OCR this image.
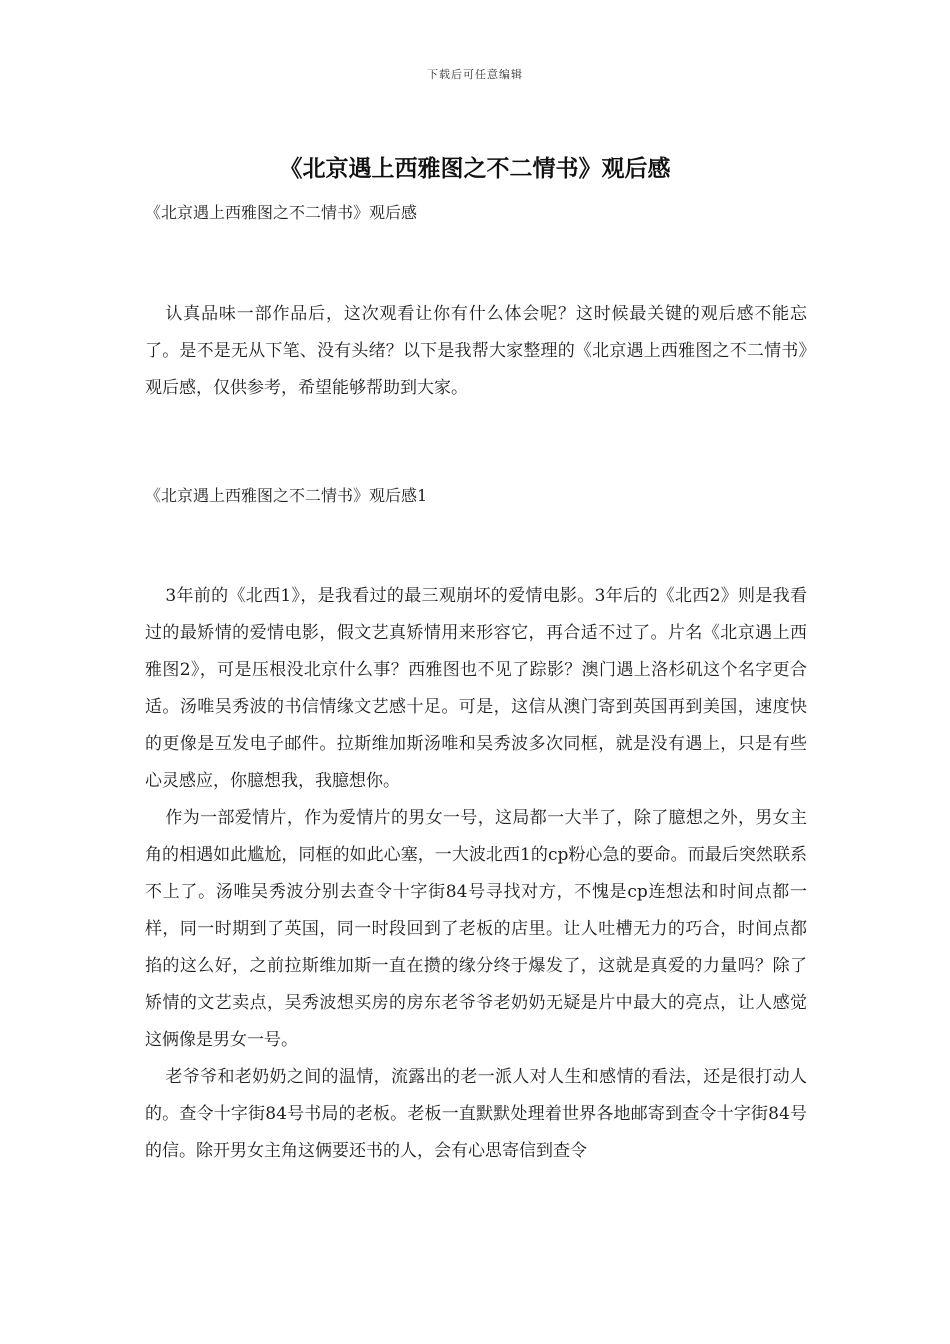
下载后可任意编辑
《北京遇上西雅图之不二情书》观后感
《北京遇上西雅图之不二情书》观后感

认真品味一部作品后，这次观看让你有什么体会呢？这时候最关键的观后感不能忘了。是不是无从下笔、没有头绪？以下是我帮大家整理的《北京遇上西雅图之不二情书》观后感，仅供参考，希望能够帮助到大家。

《北京遇上西雅图之不二情书》观后感1

3年前的《北西1》，是我看过的最三观崩坏的爱情电影。3年后的《北西2》则是我看过的最矫情的爱情电影，假文艺真矫情用来形容它，再合适不过了。片名《北京遇上西雅图2》，可是压根没北京什么事？西雅图也不见了踪影？澳门遇上洛杉矶这个名字更合适。汤唯吴秀波的书信情缘文艺感十足。可是，这信从澳门寄到英国再到美国，速度快的更像是互发电子邮件。拉斯维加斯汤唯和吴秀波多次同框，就是没有遇上，只是有些心灵感应，你臆想我，我臆想你。

作为一部爱情片，作为爱情片的男女一号，这局都一大半了，除了臆想之外，男女主角的相遇如此尴尬，同框的如此心塞，一大波北西1的cp粉心急的要命。而最后突然联系不上了。汤唯吴秀波分别去查令十字街84号寻找对方，不愧是cp连想法和时间点都一样，同一时期到了英国，同一时段回到了老板的店里。让人吐槽无力的巧合，时间点都掐的这么好，之前拉斯维加斯一直在攒的缘分终于爆发了，这就是真爱的力量吗？除了矫情的文艺卖点，吴秀波想买房的房东老爷爷老奶奶无疑是片中最大的亮点，让人感觉这俩像是男女一号。

老爷爷和老奶奶之间的温情，流露出的老一派人对人生和感情的看法，还是很打动人的。查令十字街84号书局的老板。老板一直默默处理着世界各地邮寄到查令十字街84号的信。除开男女主角这俩要还书的人，会有心思寄信到查令
